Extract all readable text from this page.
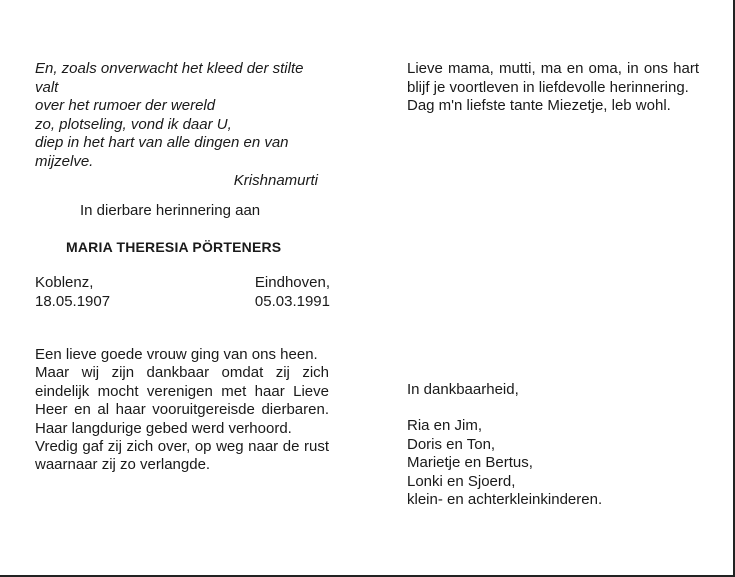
En, zoals onverwacht het kleed der stilte
valt
over het rumoer der wereld
zo, plotseling, vond ik daar U,
diep in het hart van alle dingen en van
mijzelve.

Krishnamurti

In dierbare herinnering aan

MARIA THERESIA PÖRTENERS

Koblenz,
18.05.1907
Eindhoven,
05.03.1991

Een lieve goede vrouw ging van ons heen.

Maar wij zijn dankbaar omdat zij zich eindelijk mocht verenigen met haar Lieve Heer en al haar vooruitgereisde dierbaren. Haar langdurige gebed werd verhoord.

Vredig gaf zij zich over, op weg naar de rust waarnaar zij zo verlangde.

Lieve mama, mutti, ma en oma, in ons hart blijf je voortleven in liefdevolle herinnering.

Dag m'n liefste tante Miezetje, leb wohl.

In dankbaarheid,

Ria en Jim,
Doris en Ton,
Marietje en Bertus,
Lonki en Sjoerd,
klein- en achterkleinkinderen.
